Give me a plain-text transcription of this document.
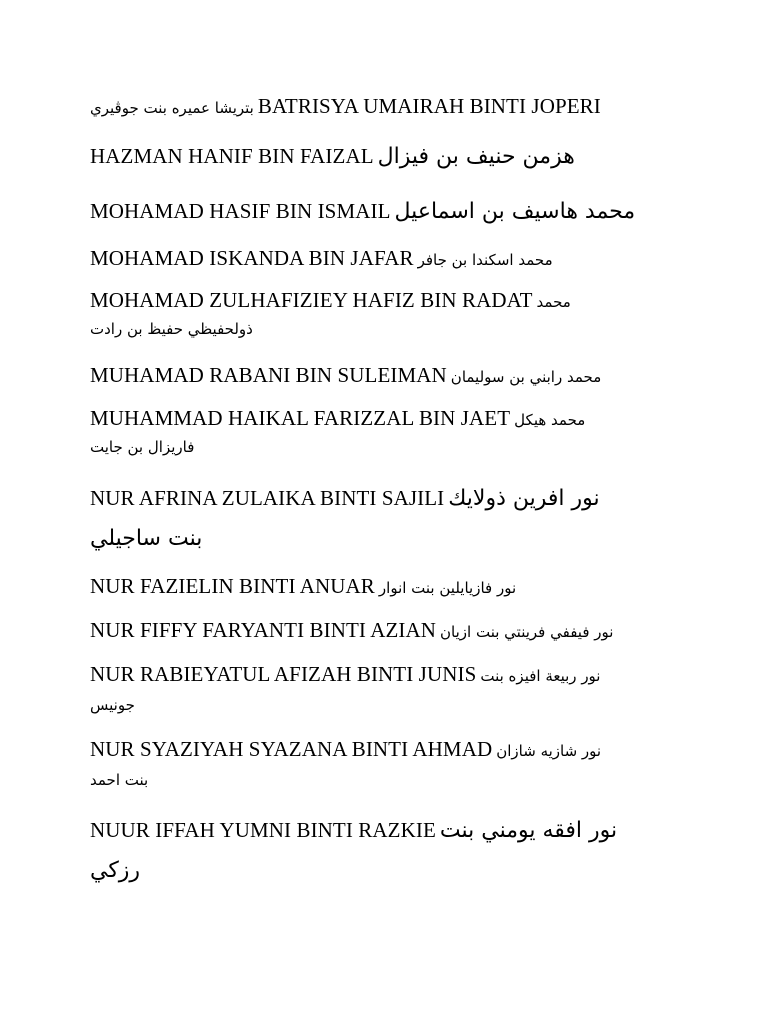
بتريشا عميره بنت جوڤيري BATRISYA UMAIRAH BINTI JOPERI
HAZMAN HANIF BIN FAIZAL هزمن حنيف بن فيزال
MOHAMAD HASIF BIN ISMAIL محمد هاسيف بن اسماعيل
MOHAMAD ISKANDA BIN JAFAR محمد اسكندا بن جافر
MOHAMAD ZULHAFIZIEY HAFIZ BIN RADAT محمد
ذولحفيظي حفيظ بن رادت
MUHAMAD RABANI BIN SULEIMAN محمد رابني بن سوليمان
MUHAMMAD HAIKAL FARIZZAL BIN JAET محمد هيكل
فاريزال بن جايت
NUR AFRINA ZULAIKA BINTI SAJILI نور افرين ذولايك
بنت ساجيلي
NUR FAZIELIN BINTI ANUAR نور فازيايلين بنت انوار
NUR FIFFY FARYANTI BINTI AZIAN نور فيففي فرينتي بنت ازيان
NUR RABIEYATUL AFIZAH BINTI JUNIS نور ربيعة افيزه بنت
جونيس
NUR SYAZIYAH SYAZANA BINTI AHMAD نور شازيه شازان
بنت احمد
NUUR IFFAH YUMNI BINTI RAZKIE نور افقه يومني بنت
رزكي
